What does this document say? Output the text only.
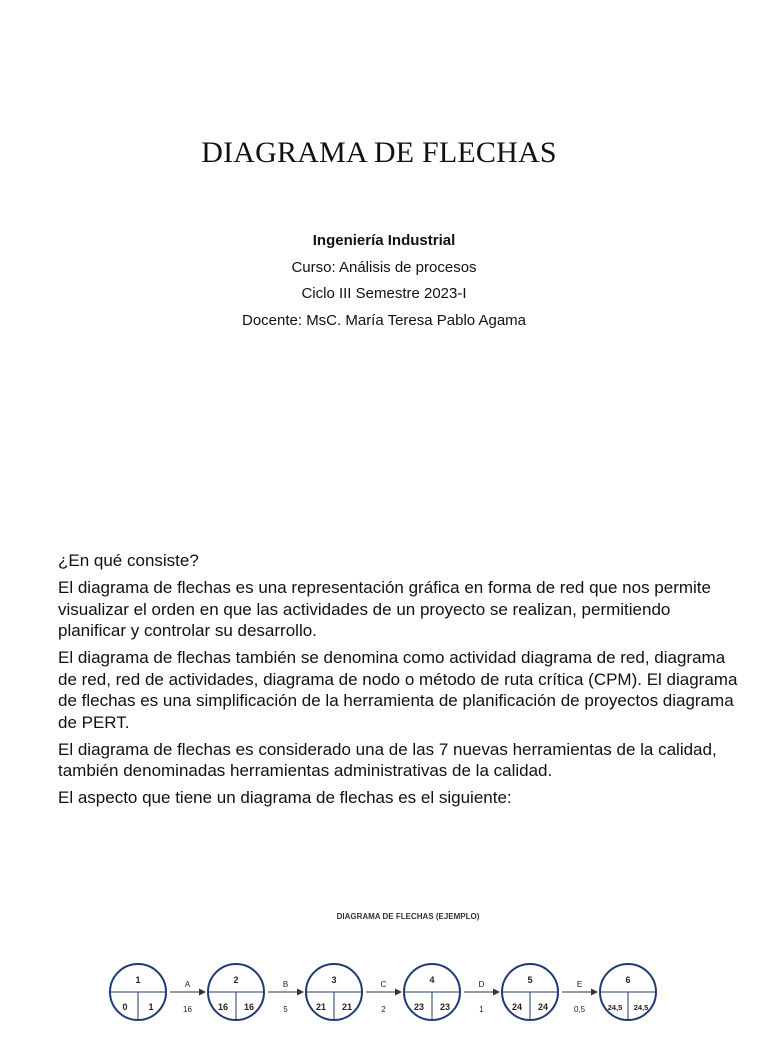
DIAGRAMA DE FLECHAS
Ingeniería Industrial
Curso: Análisis de procesos
Ciclo III Semestre 2023-I
Docente: MsC. María Teresa Pablo Agama

¿En qué consiste?

El diagrama de flechas es una representación gráfica en forma de red que nos permite visualizar el orden en que las actividades de un proyecto se realizan, permitiendo planificar y controlar su desarrollo.

El diagrama de flechas también se denomina como actividad diagrama de red, diagrama de red, red de actividades, diagrama de nodo o método de ruta crítica (CPM). El diagrama de flechas es una simplificación de la herramienta de planificación de proyectos diagrama de PERT.

El diagrama de flechas es considerado una de las 7 nuevas herramientas de la calidad, también denominadas herramientas administrativas de la calidad.

El aspecto que tiene un diagrama de flechas es el siguiente:

DIAGRAMA DE FLECHAS (EJEMPLO)
1
0 1
2
16 16
3
21 21
4
23 23
5
24 24
6
24,5 24,5
A
16
B
5
C
2
D
1
E
0,5
